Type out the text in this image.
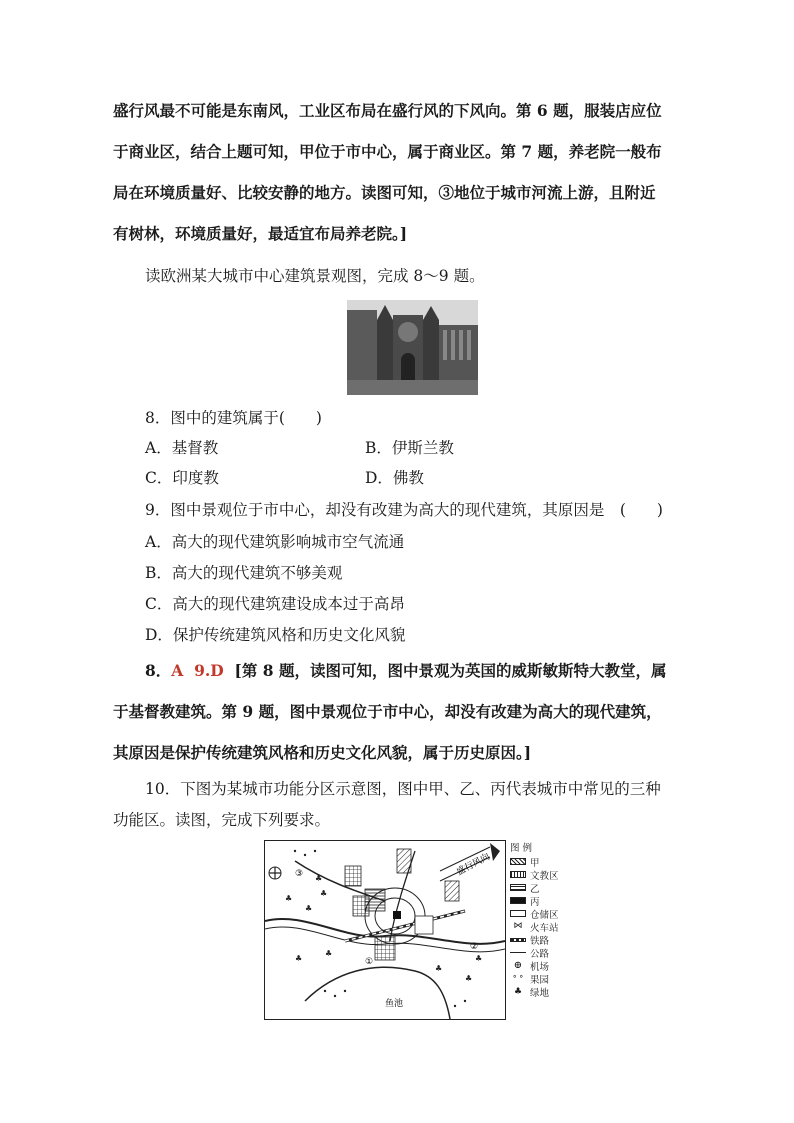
盛行风最不可能是东南风，工业区布局在盛行风的下风向。第 6 题，服装店应位
于商业区，结合上题可知，甲位于市中心，属于商业区。第 7 题，养老院一般布
局在环境质量好、比较安静的地方。读图可知，③地位于城市河流上游，且附近
有树林，环境质量好，最适宜布局养老院。]
读欧洲某大城市中心建筑景观图，完成 8～9 题。
8．图中的建筑属于(　　)
A．基督教	B．伊斯兰教
C．印度教	D．佛教
9．图中景观位于市中心，却没有改建为高大的现代建筑，其原因是　(　　)
A．高大的现代建筑影响城市空气流通
B．高大的现代建筑不够美观
C．高大的现代建筑建设成本过于高昂
D．保护传统建筑风格和历史文化风貌
8．A 9.D [第 8 题，读图可知，图中景观为英国的威斯敏斯特大教堂，属
于基督教建筑。第 9 题，图中景观位于市中心，却没有改建为高大的现代建筑，
其原因是保护传统建筑风格和历史文化风貌，属于历史原因。]
10．下图为某城市功能分区示意图，图中甲、乙、丙代表城市中常见的三种
功能区。读图，完成下列要求。
盛行风向
♣
♣
♣
♣
♣
♣
♣
♣
♣
鱼池
①
②
③
图 例
甲
文教区
乙
丙
仓储区
⋈ 火车站
铁路
公路
⊕ 机场
° ° 果园
♣ 绿地
